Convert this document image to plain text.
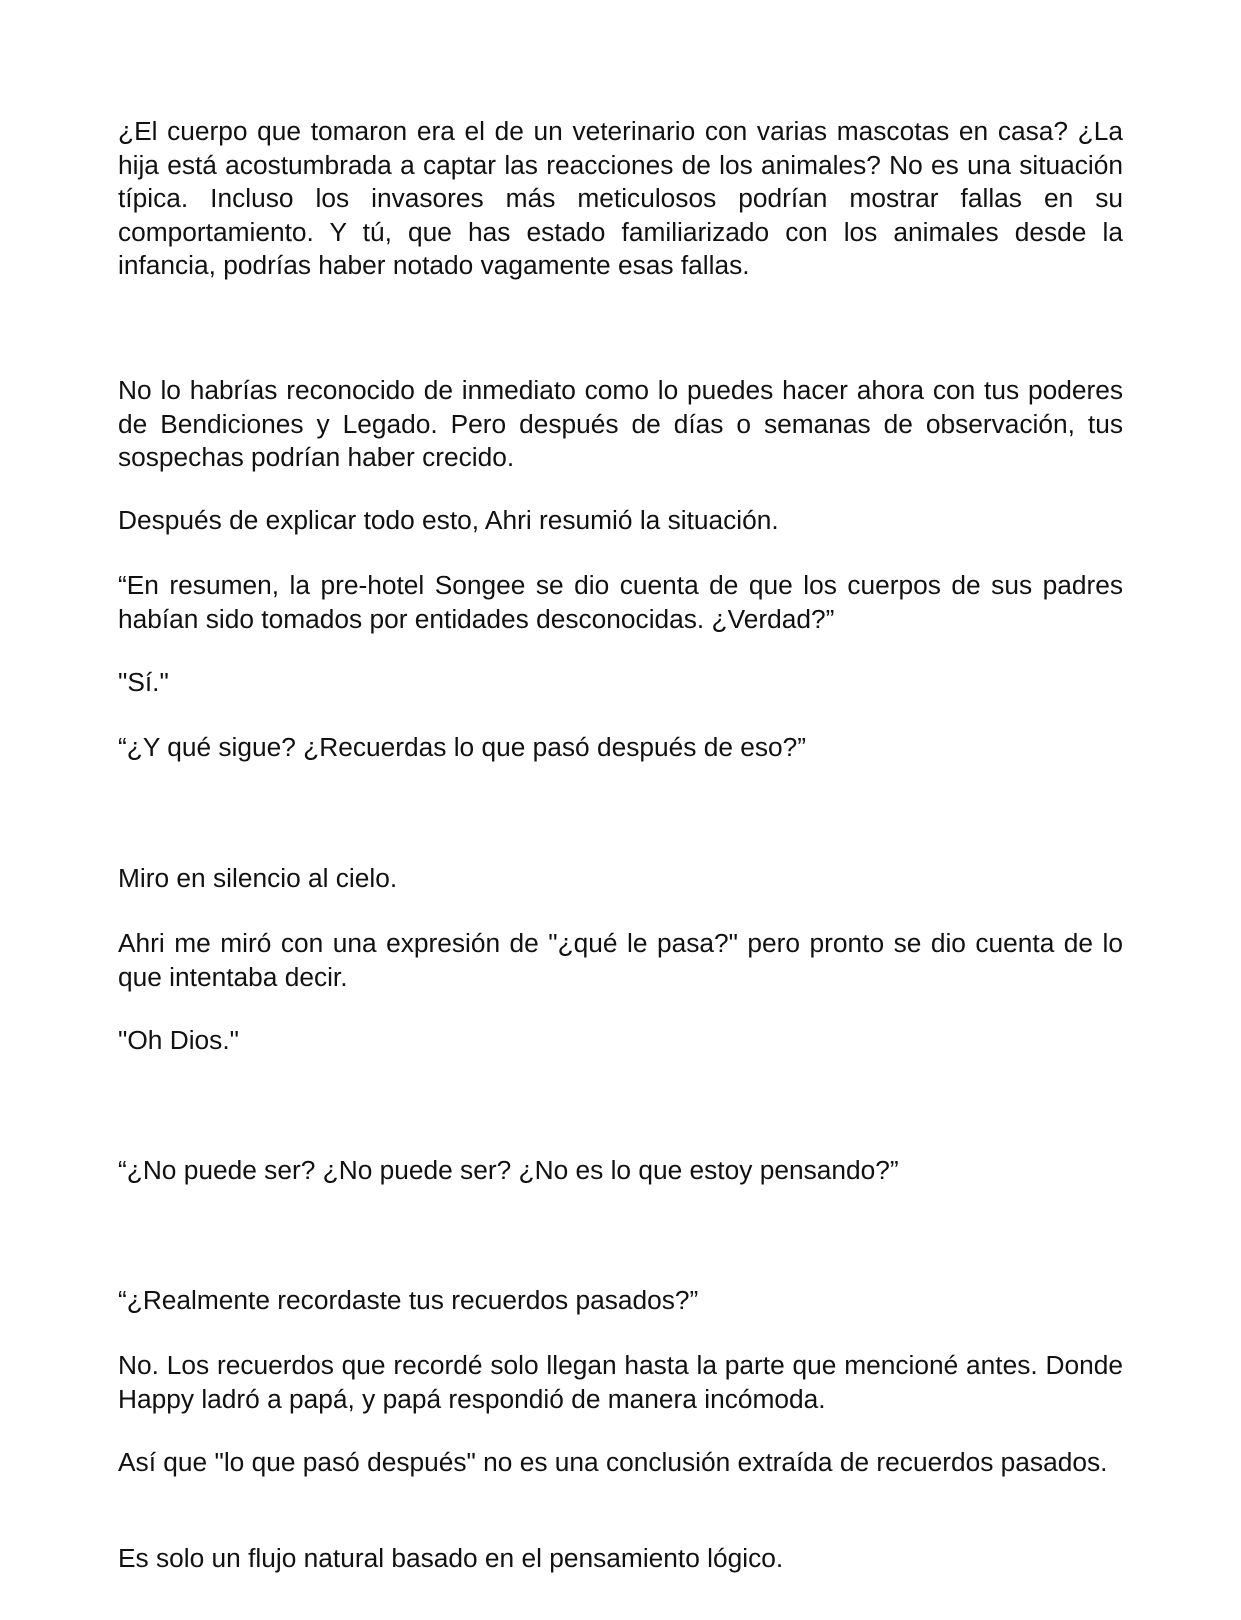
¿El cuerpo que tomaron era el de un veterinario con varias mascotas en casa? ¿La hija está acostumbrada a captar las reacciones de los animales? No es una situación típica. Incluso los invasores más meticulosos podrían mostrar fallas en su comportamiento. Y tú, que has estado familiarizado con los animales desde la infancia, podrías haber notado vagamente esas fallas.

No lo habrías reconocido de inmediato como lo puedes hacer ahora con tus poderes de Bendiciones y Legado. Pero después de días o semanas de observación, tus sospechas podrían haber crecido.

Después de explicar todo esto, Ahri resumió la situación.

“En resumen, la pre-hotel Songee se dio cuenta de que los cuerpos de sus padres habían sido tomados por entidades desconocidas. ¿Verdad?”

"Sí."

“¿Y qué sigue? ¿Recuerdas lo que pasó después de eso?”

Miro en silencio al cielo.

Ahri me miró con una expresión de "¿qué le pasa?" pero pronto se dio cuenta de lo que intentaba decir.

"Oh Dios."

“¿No puede ser? ¿No puede ser? ¿No es lo que estoy pensando?”

“¿Realmente recordaste tus recuerdos pasados?”

No. Los recuerdos que recordé solo llegan hasta la parte que mencioné antes. Donde Happy ladró a papá, y papá respondió de manera incómoda.

Así que "lo que pasó después" no es una conclusión extraída de recuerdos pasados.

Es solo un flujo natural basado en el pensamiento lógico.
